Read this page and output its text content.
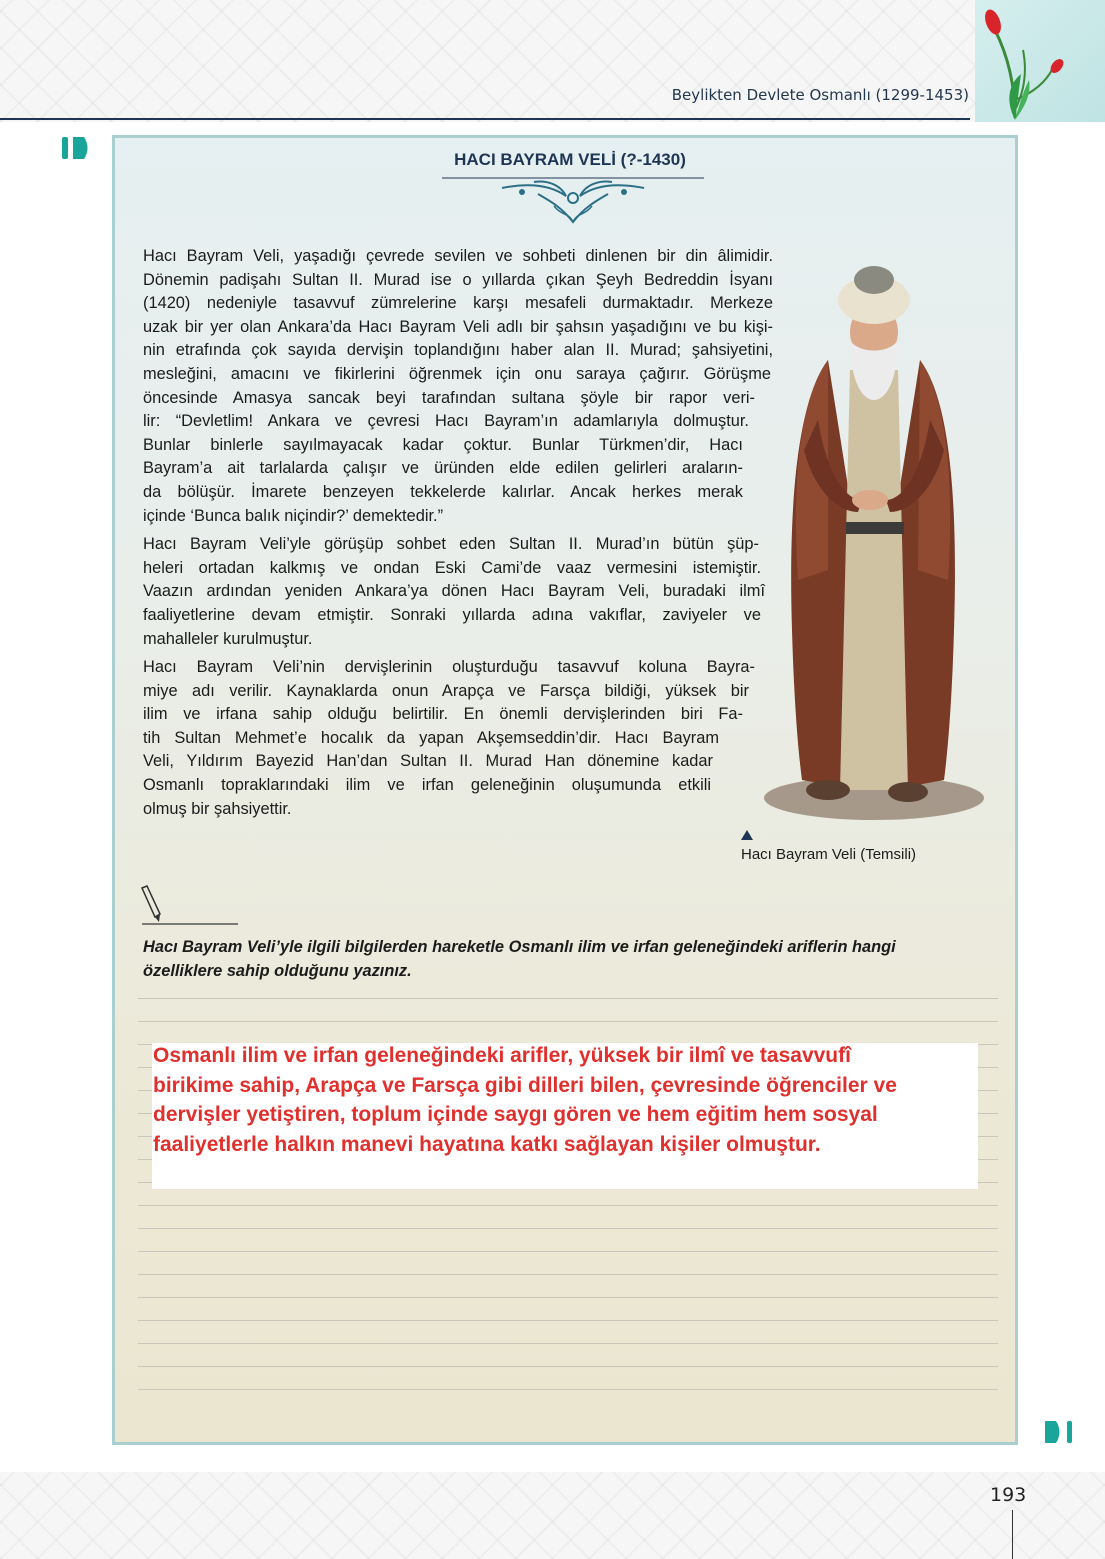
Beylikten Devlete Osmanlı (1299-1453)
HACI BAYRAM VELİ (?-1430)

Hacı Bayram Veli, yaşadığı çevrede sevilen ve sohbeti dinlenen bir din âlimidir.
Dönemin padişahı Sultan II. Murad ise o yıllarda çıkan Şeyh Bedreddin İsyanı
(1420) nedeniyle tasavvuf zümrelerine karşı mesafeli durmaktadır. Merkeze
uzak bir yer olan Ankara’da Hacı Bayram Veli adlı bir şahsın yaşadığını ve bu kişi-
nin etrafında çok sayıda dervişin toplandığını haber alan II. Murad; şahsiyetini,
mesleğini, amacını ve fikirlerini öğrenmek için onu saraya çağırır. Görüşme
öncesinde Amasya sancak beyi tarafından sultana şöyle bir rapor veri-
lir: “Devletlim! Ankara ve çevresi Hacı Bayram’ın adamlarıyla dolmuştur.
Bunlar binlerle sayılmayacak kadar çoktur. Bunlar Türkmen’dir, Hacı
Bayram’a ait tarlalarda çalışır ve üründen elde edilen gelirleri araların-
da bölüşür. İmarete benzeyen tekkelerde kalırlar. Ancak herkes merak
içinde ‘Bunca balık niçindir?’ demektedir.”

Hacı Bayram Veli’yle görüşüp sohbet eden Sultan II. Murad’ın bütün şüp-
heleri ortadan kalkmış ve ondan Eski Cami’de vaaz vermesini istemiştir.
Vaazın ardından yeniden Ankara’ya dönen Hacı Bayram Veli, buradaki ilmî
faaliyetlerine devam etmiştir. Sonraki yıllarda adına vakıflar, zaviyeler ve
mahalleler kurulmuştur.

Hacı Bayram Veli’nin dervişlerinin oluşturduğu tasavvuf koluna Bayra-
miye adı verilir. Kaynaklarda onun Arapça ve Farsça bildiği, yüksek bir
ilim ve irfana sahip olduğu belirtilir. En önemli dervişlerinden biri Fa-
tih Sultan Mehmet’e hocalık da yapan Akşemseddin’dir. Hacı Bayram
Veli, Yıldırım Bayezid Han’dan Sultan II. Murad Han dönemine kadar
Osmanlı topraklarındaki ilim ve irfan geleneğinin oluşumunda etkili
olmuş bir şahsiyettir.

Hacı Bayram Veli (Temsili)
Hacı Bayram Veli’yle ilgili bilgilerden hareketle Osmanlı ilim ve irfan geleneğindeki ariflerin hangi
özelliklere sahip olduğunu yazınız.
Osmanlı ilim ve irfan geleneğindeki arifler, yüksek bir ilmî ve tasavvufî
birikime sahip, Arapça ve Farsça gibi dilleri bilen, çevresinde öğrenciler ve
dervişler yetiştiren, toplum içinde saygı gören ve hem eğitim hem sosyal
faaliyetlerle halkın manevi hayatına katkı sağlayan kişiler olmuştur.
193
